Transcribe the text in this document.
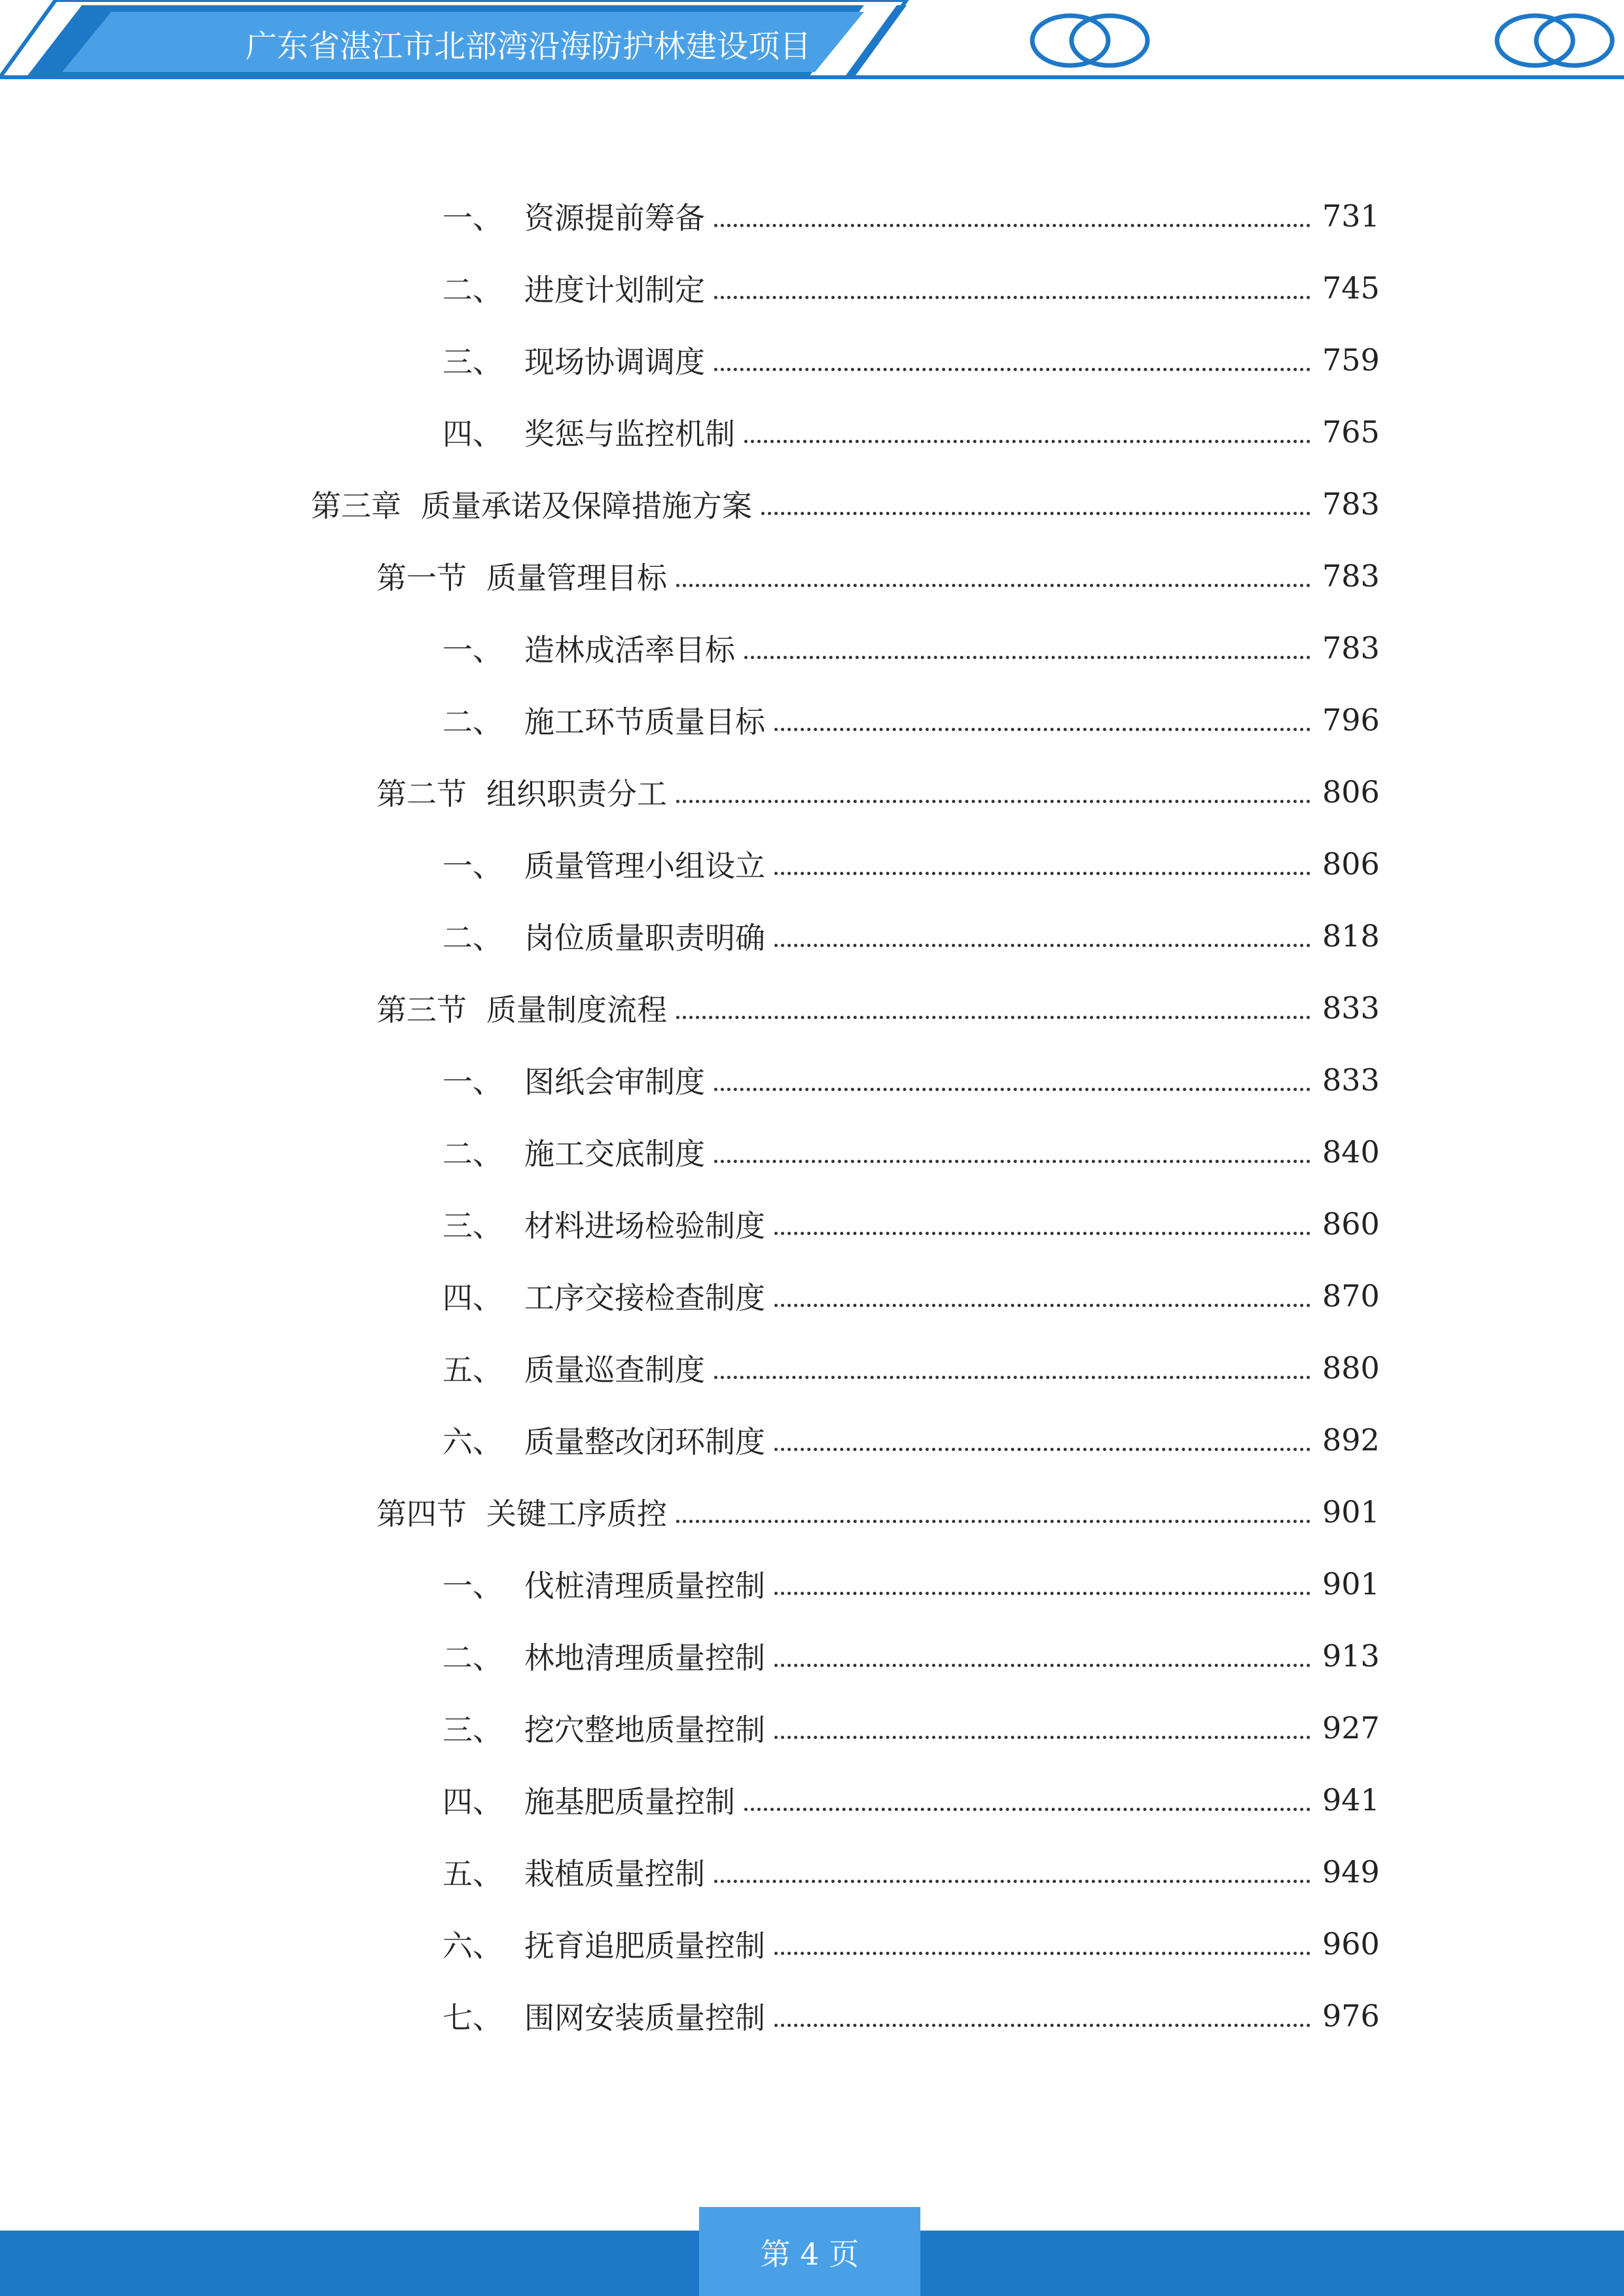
广东省湛江市北部湾沿海防护林建设项目
一、 资源提前筹备	731
二、 进度计划制定	745
三、 现场协调调度	759
四、 奖惩与监控机制	765
第三章 质量承诺及保障措施方案	783
第一节 质量管理目标	783
一、 造林成活率目标	783
二、 施工环节质量目标	796
第二节 组织职责分工	806
一、 质量管理小组设立	806
二、 岗位质量职责明确	818
第三节 质量制度流程	833
一、 图纸会审制度	833
二、 施工交底制度	840
三、 材料进场检验制度	860
四、 工序交接检查制度	870
五、 质量巡查制度	880
六、 质量整改闭环制度	892
第四节 关键工序质控	901
一、 伐桩清理质量控制	901
二、 林地清理质量控制	913
三、 挖穴整地质量控制	927
四、 施基肥质量控制	941
五、 栽植质量控制	949
六、 抚育追肥质量控制	960
七、 围网安装质量控制	976
第 4 页
